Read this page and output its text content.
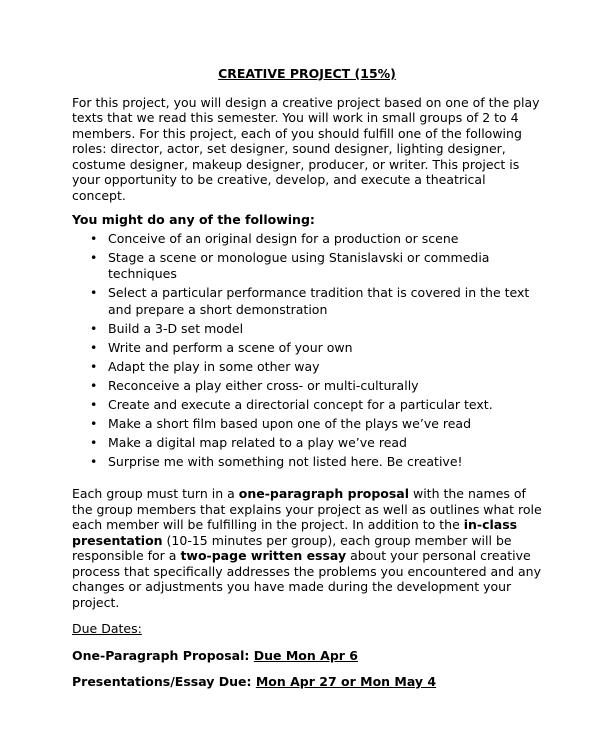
CREATIVE PROJECT (15%)

For this project, you will design a creative project based on one of the play texts that we read this semester. You will work in small groups of 2 to 4 members. For this project, each of you should fulfill one of the following roles: director, actor, set designer, sound designer, lighting designer, costume designer, makeup designer, producer, or writer. This project is your opportunity to be creative, develop, and execute a theatrical concept.

You might do any of the following:
• Conceive of an original design for a production or scene
• Stage a scene or monologue using Stanislavski or commedia techniques
• Select a particular performance tradition that is covered in the text and prepare a short demonstration
• Build a 3-D set model
• Write and perform a scene of your own
• Adapt the play in some other way
• Reconceive a play either cross- or multi-culturally
• Create and execute a directorial concept for a particular text.
• Make a short film based upon one of the plays we’ve read
• Make a digital map related to a play we’ve read
• Surprise me with something not listed here. Be creative!

Each group must turn in a one-paragraph proposal with the names of the group members that explains your project as well as outlines what role each member will be fulfilling in the project. In addition to the in-class presentation (10-15 minutes per group), each group member will be responsible for a two-page written essay about your personal creative process that specifically addresses the problems you encountered and any changes or adjustments you have made during the development your project.

Due Dates:
One-Paragraph Proposal: Due Mon Apr 6
Presentations/Essay Due: Mon Apr 27 or Mon May 4
